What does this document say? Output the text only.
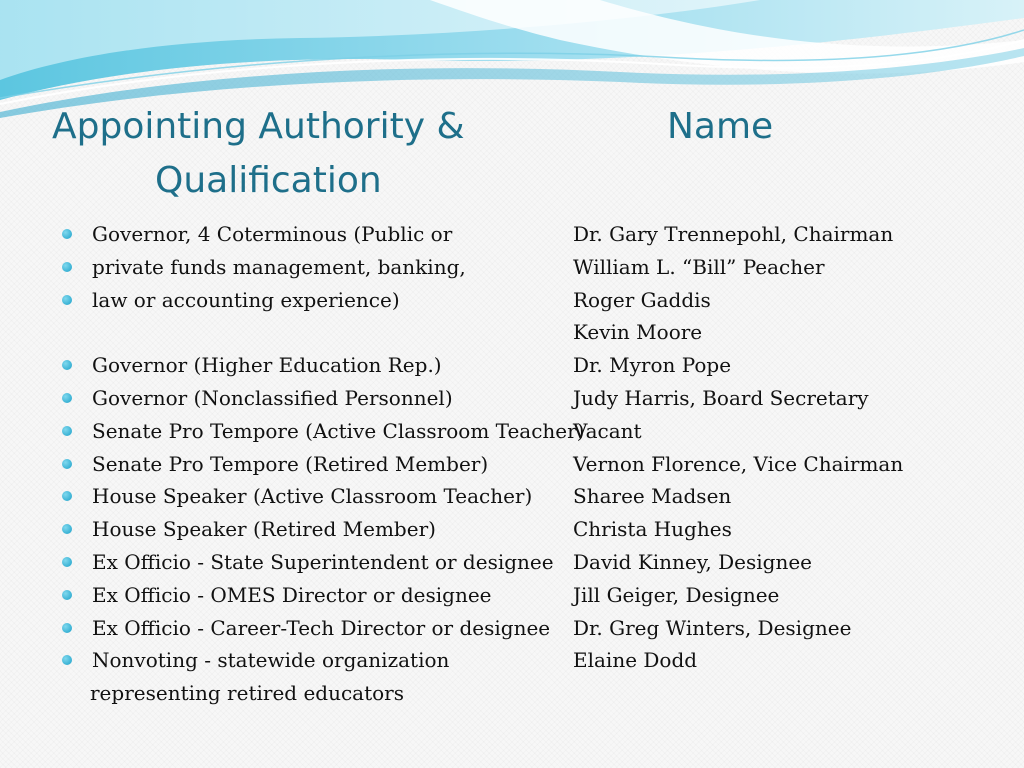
Appointing Authority &
Qualification
Name
Governor, 4 Coterminous (Public or
private funds management, banking,
law or accounting experience)
Governor (Higher Education Rep.)
Governor (Nonclassified Personnel)
Senate Pro Tempore (Active Classroom Teacher)
Senate Pro Tempore (Retired Member)
House Speaker (Active Classroom Teacher)
House Speaker (Retired Member)
Ex Officio - State Superintendent or designee
Ex Officio - OMES Director or designee
Ex Officio - Career-Tech Director or designee
Nonvoting - statewide organization
representing retired educators
Dr. Gary Trennepohl, Chairman
William L. “Bill” Peacher
Roger Gaddis
Kevin Moore
Dr. Myron Pope
Judy Harris, Board Secretary
Vacant
Vernon Florence, Vice Chairman
Sharee Madsen
Christa Hughes
David Kinney, Designee
Jill Geiger, Designee
Dr. Greg Winters, Designee
Elaine Dodd
